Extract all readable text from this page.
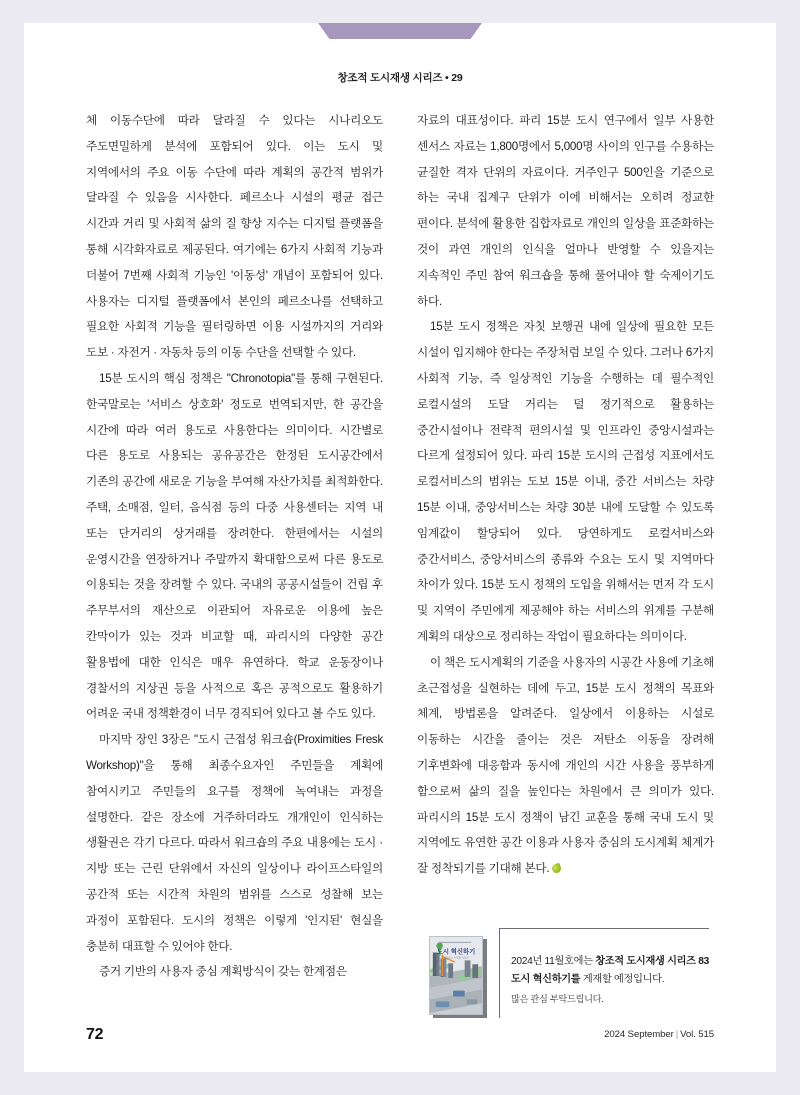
창조적 도시재생 시리즈 • 29

체 이동수단에 따라 달라질 수 있다는 시나리오도 주도면밀하게 분석에 포함되어 있다. 이는 도시 및 지역에서의 주요 이동 수단에 따라 계획의 공간적 범위가 달라질 수 있음을 시사한다. 페르소나 시설의 평균 접근 시간과 거리 및 사회적 삶의 질 향상 지수는 디지털 플랫폼을 통해 시각화자료로 제공된다. 여기에는 6가지 사회적 기능과 더불어 7번째 사회적 기능인 '이동성' 개념이 포함되어 있다. 사용자는 디지털 플랫폼에서 본인의 페르소나를 선택하고 필요한 사회적 기능을 필터링하면 이용 시설까지의 거리와 도보 · 자전거 · 자동차 등의 이동 수단을 선택할 수 있다.

15분 도시의 핵심 정책은 "Chronotopia"를 통해 구현된다. 한국말로는 '서비스 상호화' 정도로 번역되지만, 한 공간을 시간에 따라 여러 용도로 사용한다는 의미이다. 시간별로 다른 용도로 사용되는 공유공간은 한정된 도시공간에서 기존의 공간에 새로운 기능을 부여해 자산가치를 최적화한다. 주택, 소매점, 일터, 음식점 등의 다중 사용센터는 지역 내 또는 단거리의 상거래를 장려한다. 한편에서는 시설의 운영시간을 연장하거나 주말까지 확대함으로써 다른 용도로 이용되는 것을 장려할 수 있다. 국내의 공공시설들이 건립 후 주무부서의 재산으로 이관되어 자유로운 이용에 높은 칸막이가 있는 것과 비교할 때, 파리시의 다양한 공간 활용법에 대한 인식은 매우 유연하다. 학교 운동장이나 경찰서의 지상권 등을 사적으로 혹은 공적으로도 활용하기 어려운 국내 정책환경이 너무 경직되어 있다고 볼 수도 있다.

마지막 장인 3장은 "도시 근접성 워크숍(Proximities Fresk Workshop)"을 통해 최종수요자인 주민들을 계획에 참여시키고 주민들의 요구를 정책에 녹여내는 과정을 설명한다. 같은 장소에 거주하더라도 개개인이 인식하는 생활권은 각기 다르다. 따라서 워크숍의 주요 내용에는 도시 · 지방 또는 근린 단위에서 자신의 일상이나 라이프스타일의 공간적 또는 시간적 차원의 범위를 스스로 성찰해 보는 과정이 포함된다. 도시의 정책은 이렇게 '인지된' 현실을 충분히 대표할 수 있어야 한다.

증거 기반의 사용자 중심 계획방식이 갖는 한계점은

자료의 대표성이다. 파리 15분 도시 연구에서 일부 사용한 센서스 자료는 1,800명에서 5,000명 사이의 인구를 수용하는 균질한 격자 단위의 자료이다. 거주인구 500인을 기준으로 하는 국내 집계구 단위가 이에 비해서는 오히려 정교한 편이다. 분석에 활용한 집합자료로 개인의 일상을 표준화하는 것이 과연 개인의 인식을 얼마나 반영할 수 있을지는 지속적인 주민 참여 워크숍을 통해 풀어내야 할 숙제이기도 하다.

15분 도시 정책은 자칫 보행권 내에 일상에 필요한 모든 시설이 입지해야 한다는 주장처럼 보일 수 있다. 그러나 6가지 사회적 기능, 즉 일상적인 기능을 수행하는 데 필수적인 로컬시설의 도달 거리는 덜 정기적으로 활용하는 중간시설이나 전략적 편의시설 및 인프라인 중앙시설과는 다르게 설정되어 있다. 파리 15분 도시의 근접성 지표에서도 로컬서비스의 범위는 도보 15분 이내, 중간 서비스는 차량 15분 이내, 중앙서비스는 차량 30분 내에 도달할 수 있도록 임계값이 할당되어 있다. 당연하게도 로컬서비스와 중간서비스, 중앙서비스의 종류와 수요는 도시 및 지역마다 차이가 있다. 15분 도시 정책의 도입을 위해서는 먼저 각 도시 및 지역이 주민에게 제공해야 하는 서비스의 위계를 구분해 계획의 대상으로 정리하는 작업이 필요하다는 의미이다.

이 책은 도시계획의 기준을 사용자의 시공간 사용에 기초해 초근접성을 실현하는 데에 두고, 15분 도시 정책의 목표와 체계, 방법론을 알려준다. 일상에서 이용하는 시설로 이동하는 시간을 줄이는 것은 저탄소 이동을 장려해 기후변화에 대응함과 동시에 개인의 시간 사용을 풍부하게 함으로써 삶의 질을 높인다는 차원에서 큰 의미가 있다. 파리시의 15분 도시 정책이 남긴 교훈을 통해 국내 도시 및 지역에도 유연한 공간 이용과 사용자 중심의 도시계획 체계가 잘 정착되기를 기대해 본다.

도시 혁신하기
창조적 도시재생 시리즈	2024년 11월호에는 창조적 도시재생 시리즈 83
도시 혁신하기를 게재할 예정입니다.
많은 관심 부탁드립니다.
72	2024 September | Vol. 515
